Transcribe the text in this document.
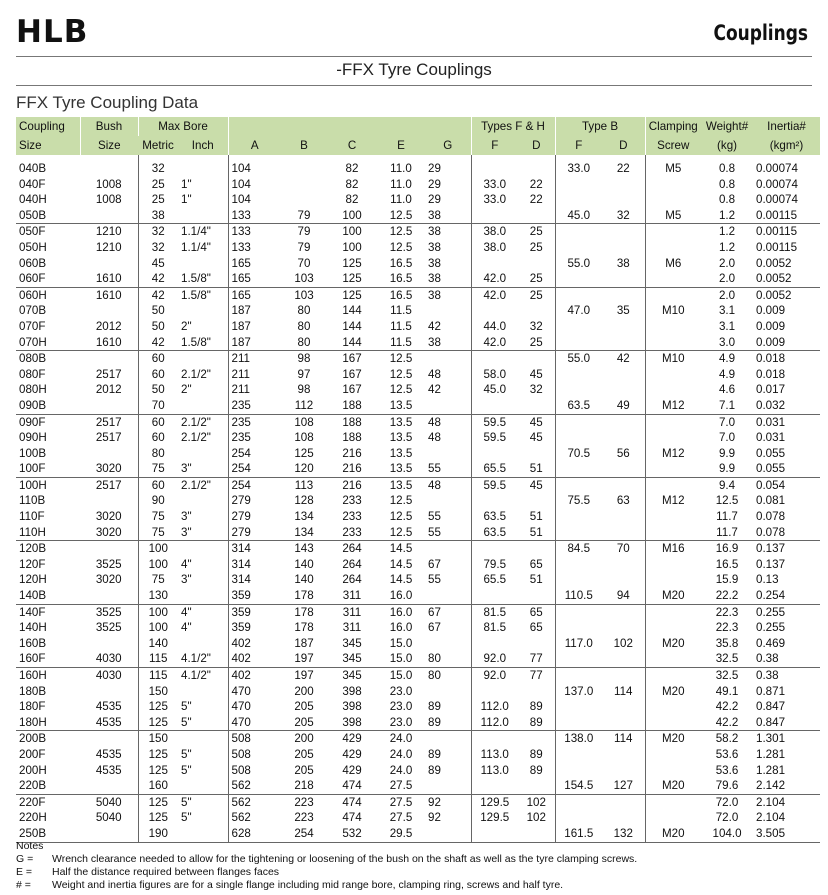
HLB	Couplings
-FFX Tyre Couplings
FFX Tyre Coupling Data
Coupling	Bush	Max Bore		A	B	C	E	G	Types F & H		Type B		Clamping	Weight#	Inertia#
Size	Size	Metric	Inch						F	D	F	D	Screw	(kg)	(kgm²)
040B		32		104		82	11.0	29			33.0	22	M5	0.8	0.00074
040F	1008	25	1"	104		82	11.0	29	33.0	22				0.8	0.00074
040H	1008	25	1"	104		82	11.0	29	33.0	22				0.8	0.00074
050B		38		133	79	100	12.5	38			45.0	32	M5	1.2	0.00115
050F	1210	32	1.1/4"	133	79	100	12.5	38	38.0	25				1.2	0.00115
050H	1210	32	1.1/4"	133	79	100	12.5	38	38.0	25				1.2	0.00115
060B		45		165	70	125	16.5	38			55.0	38	M6	2.0	0.0052
060F	1610	42	1.5/8"	165	103	125	16.5	38	42.0	25				2.0	0.0052
060H	1610	42	1.5/8"	165	103	125	16.5	38	42.0	25				2.0	0.0052
070B		50		187	80	144	11.5				47.0	35	M10	3.1	0.009
070F	2012	50	2"	187	80	144	11.5	42	44.0	32				3.1	0.009
070H	1610	42	1.5/8"	187	80	144	11.5	38	42.0	25				3.0	0.009
080B		60		211	98	167	12.5				55.0	42	M10	4.9	0.018
080F	2517	60	2.1/2"	211	97	167	12.5	48	58.0	45				4.9	0.018
080H	2012	50	2"	211	98	167	12.5	42	45.0	32				4.6	0.017
090B		70		235	112	188	13.5				63.5	49	M12	7.1	0.032
090F	2517	60	2.1/2"	235	108	188	13.5	48	59.5	45				7.0	0.031
090H	2517	60	2.1/2"	235	108	188	13.5	48	59.5	45				7.0	0.031
100B		80		254	125	216	13.5				70.5	56	M12	9.9	0.055
100F	3020	75	3"	254	120	216	13.5	55	65.5	51				9.9	0.055
100H	2517	60	2.1/2"	254	113	216	13.5	48	59.5	45				9.4	0.054
110B		90		279	128	233	12.5				75.5	63	M12	12.5	0.081
110F	3020	75	3"	279	134	233	12.5	55	63.5	51				11.7	0.078
110H	3020	75	3"	279	134	233	12.5	55	63.5	51				11.7	0.078
120B		100		314	143	264	14.5				84.5	70	M16	16.9	0.137
120F	3525	100	4"	314	140	264	14.5	67	79.5	65				16.5	0.137
120H	3020	75	3"	314	140	264	14.5	55	65.5	51				15.9	0.13
140B		130		359	178	311	16.0				110.5	94	M20	22.2	0.254
140F	3525	100	4"	359	178	311	16.0	67	81.5	65				22.3	0.255
140H	3525	100	4"	359	178	311	16.0	67	81.5	65				22.3	0.255
160B		140		402	187	345	15.0				117.0	102	M20	35.8	0.469
160F	4030	115	4.1/2"	402	197	345	15.0	80	92.0	77				32.5	0.38
160H	4030	115	4.1/2"	402	197	345	15.0	80	92.0	77				32.5	0.38
180B		150		470	200	398	23.0				137.0	114	M20	49.1	0.871
180F	4535	125	5"	470	205	398	23.0	89	112.0	89				42.2	0.847
180H	4535	125	5"	470	205	398	23.0	89	112.0	89				42.2	0.847
200B		150		508	200	429	24.0				138.0	114	M20	58.2	1.301
200F	4535	125	5"	508	205	429	24.0	89	113.0	89				53.6	1.281
200H	4535	125	5"	508	205	429	24.0	89	113.0	89				53.6	1.281
220B		160		562	218	474	27.5				154.5	127	M20	79.6	2.142
220F	5040	125	5"	562	223	474	27.5	92	129.5	102				72.0	2.104
220H	5040	125	5"	562	223	474	27.5	92	129.5	102				72.0	2.104
250B		190		628	254	532	29.5				161.5	132	M20	104.0	3.505
Notes
G =	Wrench clearance needed to allow for the tightening or loosening of the bush on the shaft as well as the tyre clamping screws.
E =	Half the distance required between flanges faces
# =	Weight and inertia figures are for a single flange including mid range bore, clamping ring, screws and half tyre.
